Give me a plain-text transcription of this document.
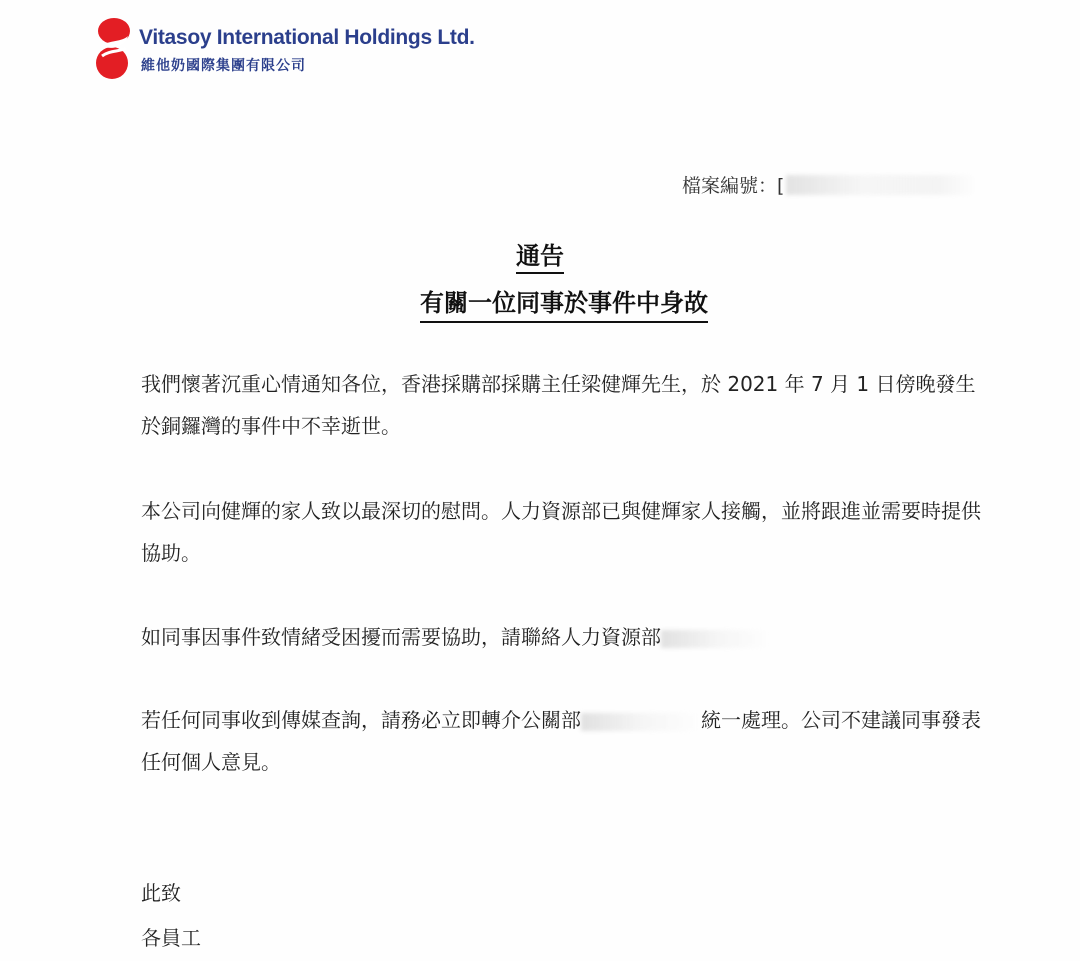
Vitasoy International Holdings Ltd.
維他奶國際集團有限公司
檔案編號：[
通告
有關一位同事於事件中身故
我們懷著沉重心情通知各位，香港採購部採購主任梁健輝先生，於 2021 年 7 月 1 日傍晚發生於銅鑼灣的事件中不幸逝世。
本公司向健輝的家人致以最深切的慰問。人力資源部已與健輝家人接觸，並將跟進並需要時提供協助。
如同事因事件致情緒受困擾而需要協助，請聯絡人力資源部
若任何同事收到傳媒查詢，請務必立即轉介公關部	統一處理。公司不建議同事發表任何個人意見。
此致
各員工
